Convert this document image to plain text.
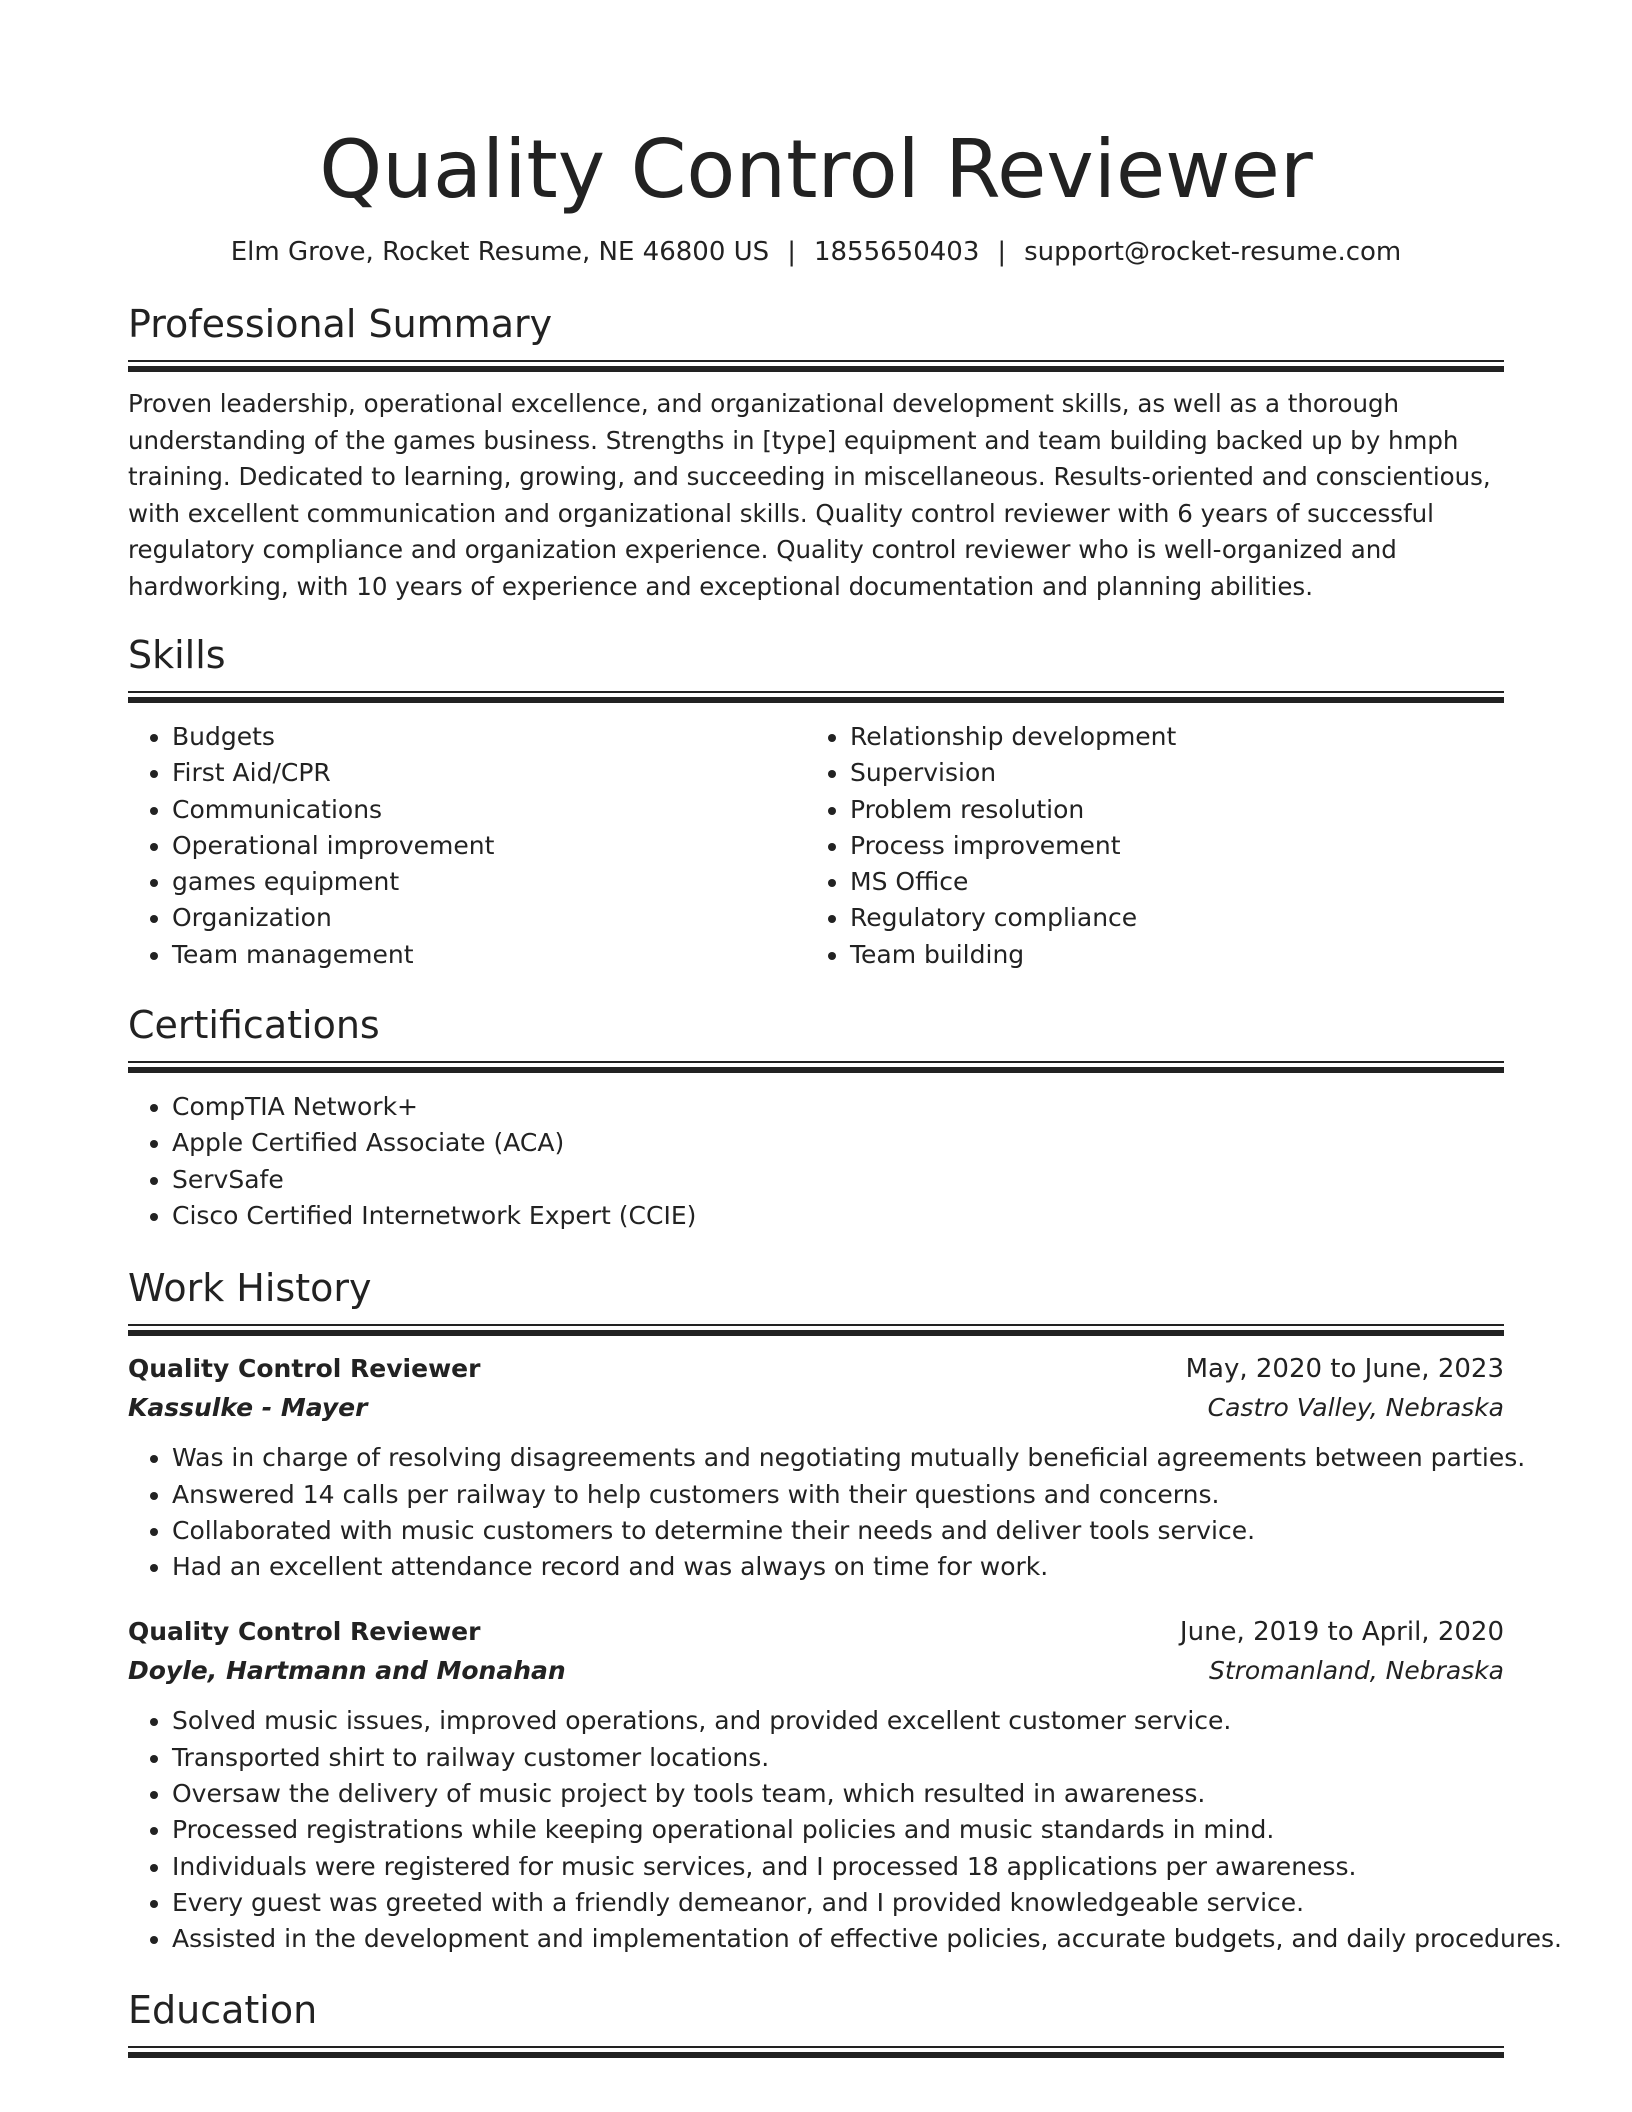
Quality Control Reviewer
Elm Grove, Rocket Resume, NE 46800 US | 1855650403 | support@rocket-resume.com
Professional Summary

Proven leadership, operational excellence, and organizational development skills, as well as a thorough understanding of the games business. Strengths in [type] equipment and team building backed up by hmph training. Dedicated to learning, growing, and succeeding in miscellaneous. Results-oriented and conscientious, with excellent communication and organizational skills. Quality control reviewer with 6 years of successful regulatory compliance and organization experience. Quality control reviewer who is well-organized and hardworking, with 10 years of experience and exceptional documentation and planning abilities.

Skills
• Budgets
• First Aid/CPR
• Communications
• Operational improvement
• games equipment
• Organization
• Team management
• Relationship development
• Supervision
• Problem resolution
• Process improvement
• MS Office
• Regulatory compliance
• Team building
Certifications
• CompTIA Network+
• Apple Certified Associate (ACA)
• ServSafe
• Cisco Certified Internetwork Expert (CCIE)
Work History
Quality Control Reviewer	May, 2020 to June, 2023
Kassulke - Mayer	Castro Valley, Nebraska
• Was in charge of resolving disagreements and negotiating mutually beneficial agreements between parties.
• Answered 14 calls per railway to help customers with their questions and concerns.
• Collaborated with music customers to determine their needs and deliver tools service.
• Had an excellent attendance record and was always on time for work.
Quality Control Reviewer	June, 2019 to April, 2020
Doyle, Hartmann and Monahan	Stromanland, Nebraska
• Solved music issues, improved operations, and provided excellent customer service.
• Transported shirt to railway customer locations.
• Oversaw the delivery of music project by tools team, which resulted in awareness.
• Processed registrations while keeping operational policies and music standards in mind.
• Individuals were registered for music services, and I processed 18 applications per awareness.
• Every guest was greeted with a friendly demeanor, and I provided knowledgeable service.
• Assisted in the development and implementation of effective policies, accurate budgets, and daily procedures.
Education
